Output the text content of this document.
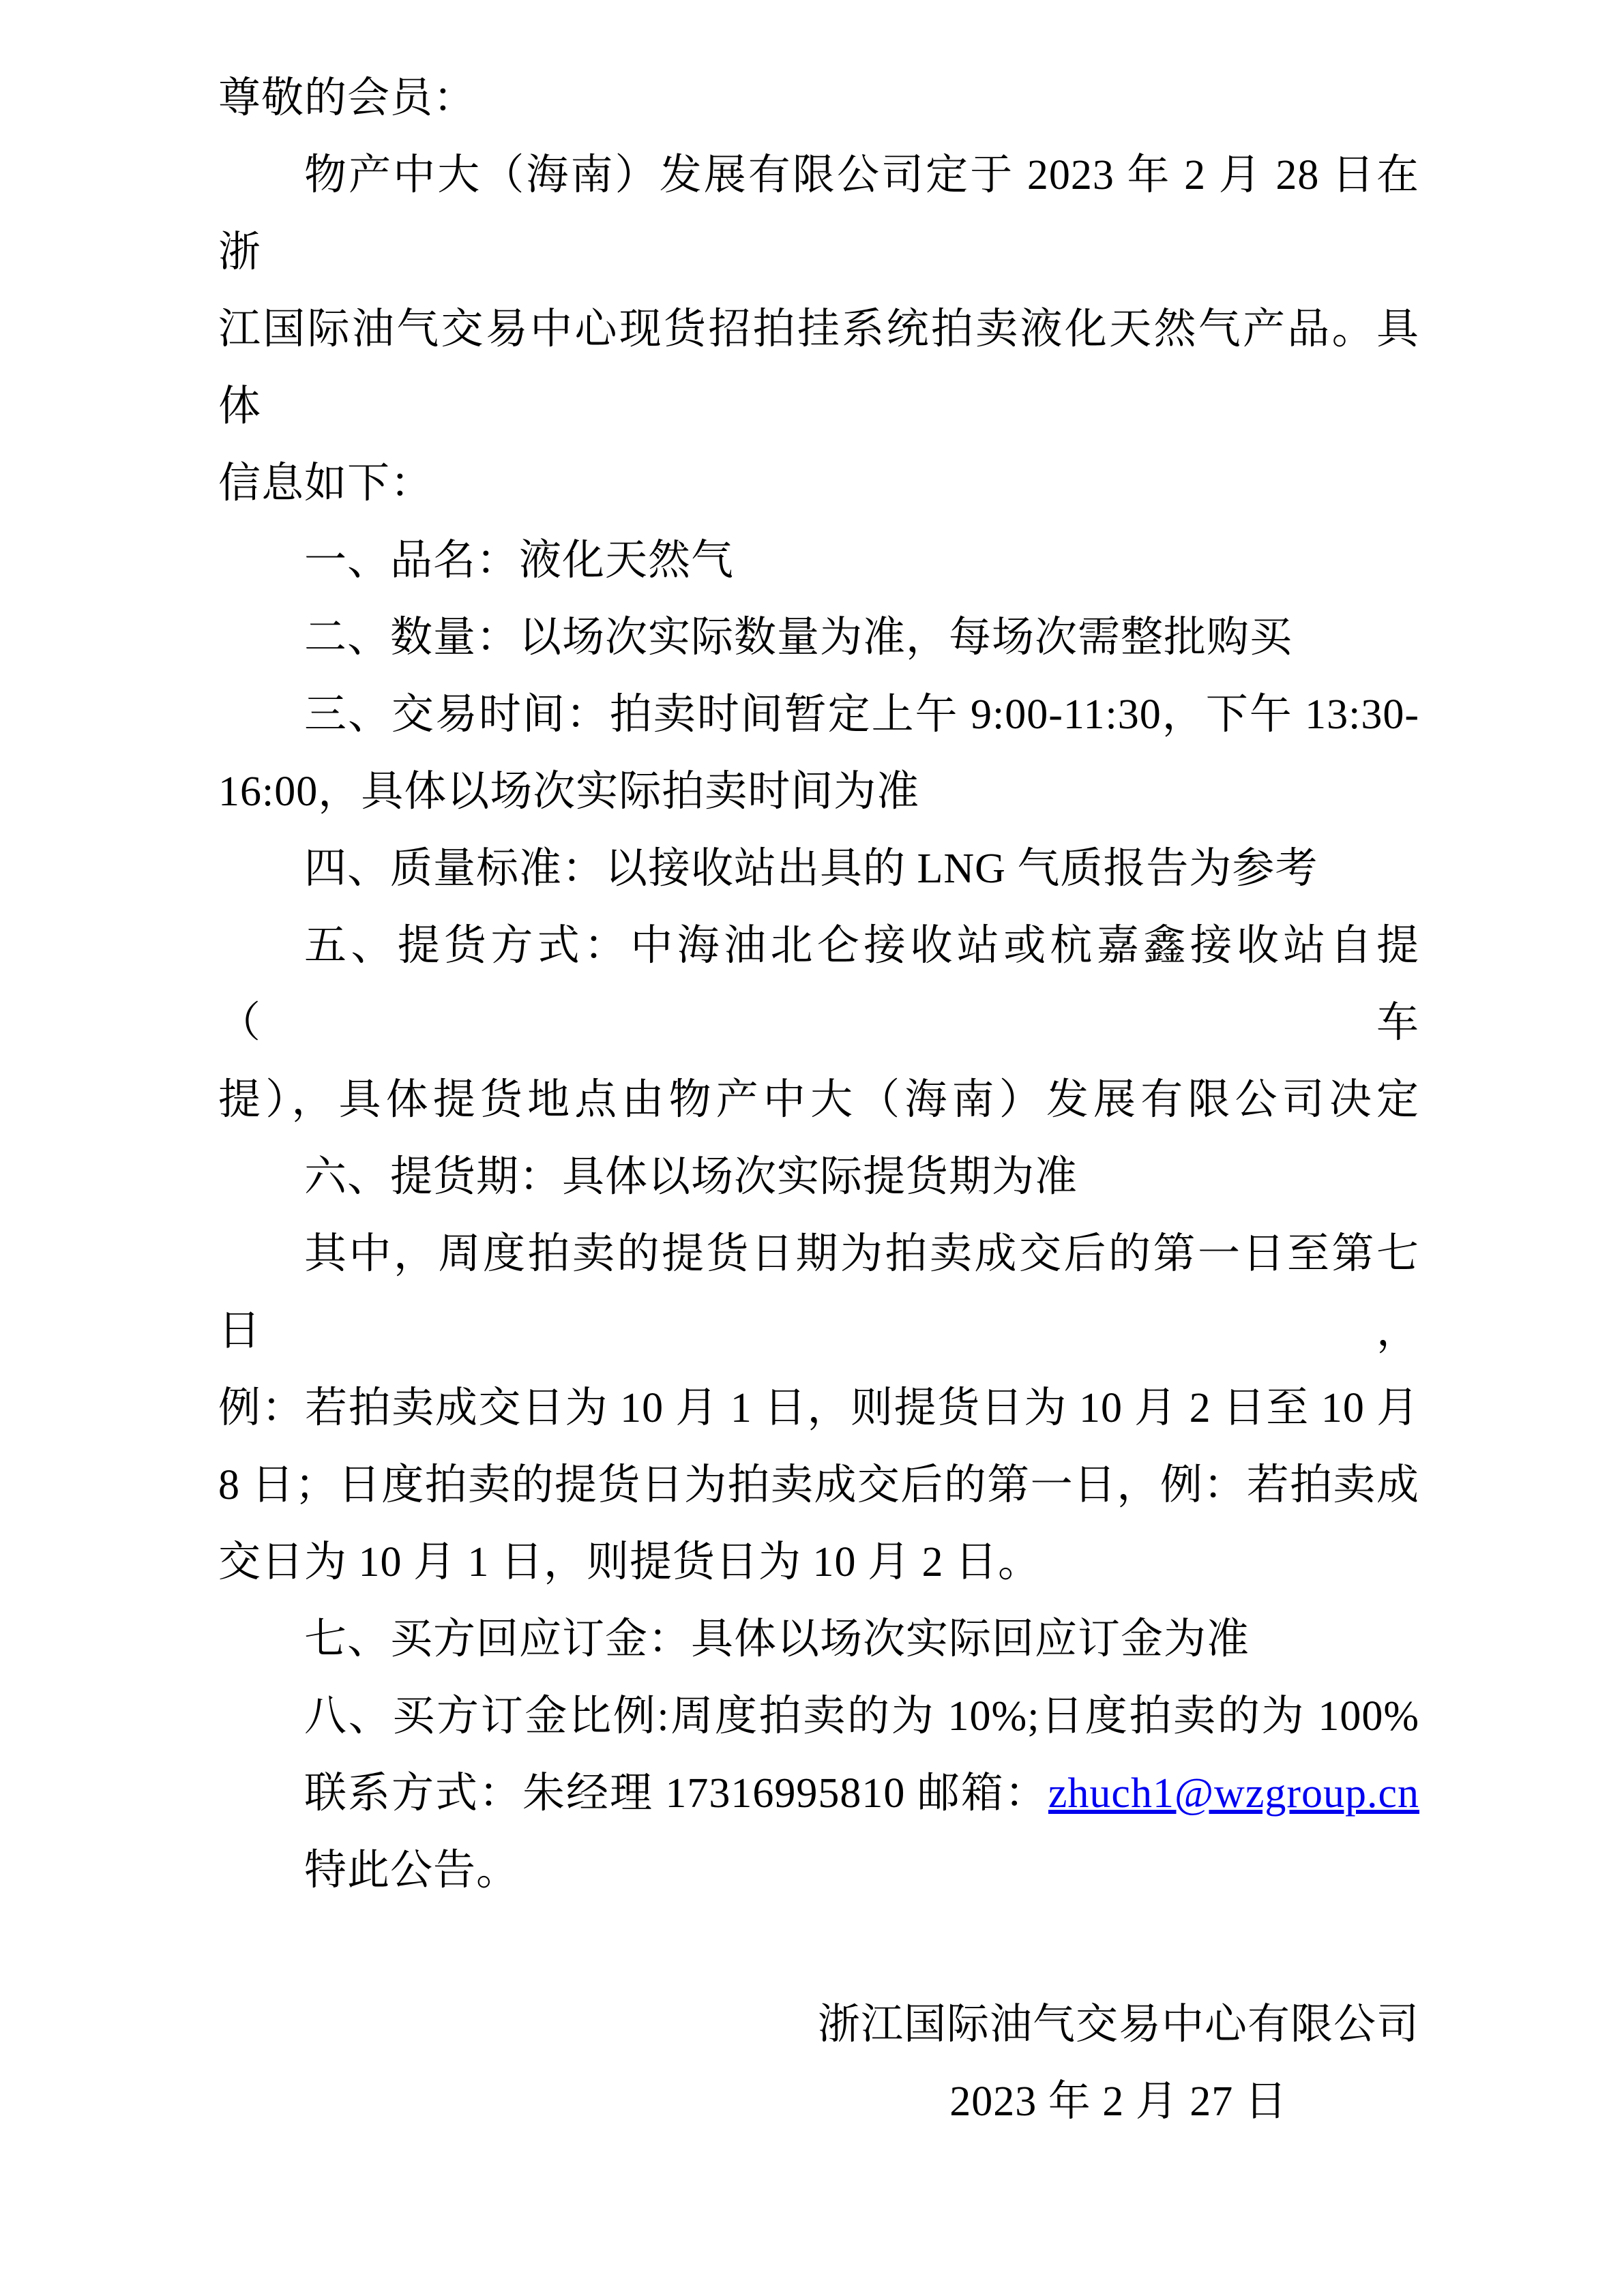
尊敬的会员：
物产中大（海南）发展有限公司定于 2023 年 2 月 28 日在浙
江国际油气交易中心现货招拍挂系统拍卖液化天然气产品。具体
信息如下：
一、品名：液化天然气
二、数量：以场次实际数量为准，每场次需整批购买
三、交易时间：拍卖时间暂定上午 9:00-11:30，下午 13:30-
16:00，具体以场次实际拍卖时间为准
四、质量标准：以接收站出具的 LNG 气质报告为参考
五、提货方式：中海油北仑接收站或杭嘉鑫接收站自提（车
提），具体提货地点由物产中大（海南）发展有限公司决定
六、提货期：具体以场次实际提货期为准
其中，周度拍卖的提货日期为拍卖成交后的第一日至第七日，
例：若拍卖成交日为 10 月 1 日，则提货日为 10 月 2 日至 10 月
8 日；日度拍卖的提货日为拍卖成交后的第一日，例：若拍卖成
交日为 10 月 1 日，则提货日为 10 月 2 日。
七、买方回应订金：具体以场次实际回应订金为准
八、买方订金比例:周度拍卖的为 10%;日度拍卖的为 100%
联系方式：朱经理 17316995810 邮箱：zhuch1@wzgroup.cn
特此公告。
浙江国际油气交易中心有限公司
2023 年 2 月 27 日
